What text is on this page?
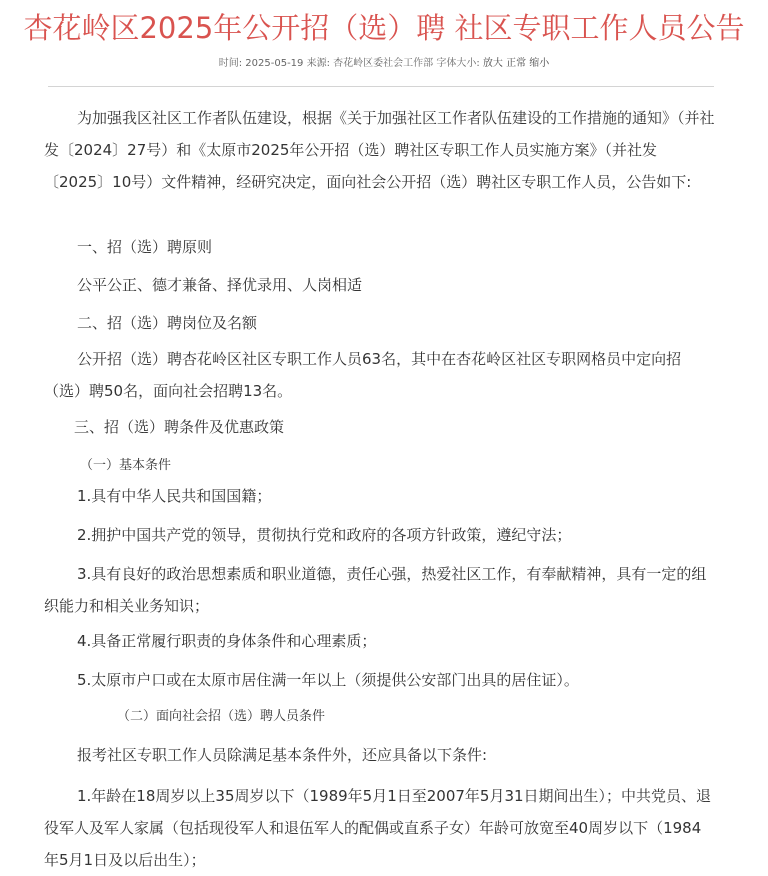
杏花岭区2025年公开招（选）聘 社区专职工作人员公告
时间: 2025-05-19 来源: 杏花岭区委社会工作部 字体大小: 放大 正常 缩小

为加强我区社区工作者队伍建设，根据《关于加强社区工作者队伍建设的工作措施的通知》（并社发〔2024〕27号）和《太原市2025年公开招（选）聘社区专职工作人员实施方案》（并社发〔2025〕10号）文件精神，经研究决定，面向社会公开招（选）聘社区专职工作人员，公告如下:

一、招（选）聘原则

公平公正、德才兼备、择优录用、人岗相适

二、招（选）聘岗位及名额

公开招（选）聘杏花岭区社区专职工作人员63名，其中在杏花岭区社区专职网格员中定向招（选）聘50名，面向社会招聘13名。

三、招（选）聘条件及优惠政策

（一）基本条件

1.具有中华人民共和国国籍；

2.拥护中国共产党的领导，贯彻执行党和政府的各项方针政策，遵纪守法；

3.具有良好的政治思想素质和职业道德，责任心强，热爱社区工作，有奉献精神，具有一定的组织能力和相关业务知识；

4.具备正常履行职责的身体条件和心理素质；

5.太原市户口或在太原市居住满一年以上（须提供公安部门出具的居住证）。

（二）面向社会招（选）聘人员条件

报考社区专职工作人员除满足基本条件外，还应具备以下条件:

1.年龄在18周岁以上35周岁以下（1989年5月1日至2007年5月31日期间出生）；中共党员、退役军人及军人家属（包括现役军人和退伍军人的配偶或直系子女）年龄可放宽至40周岁以下（1984年5月1日及以后出生）；
